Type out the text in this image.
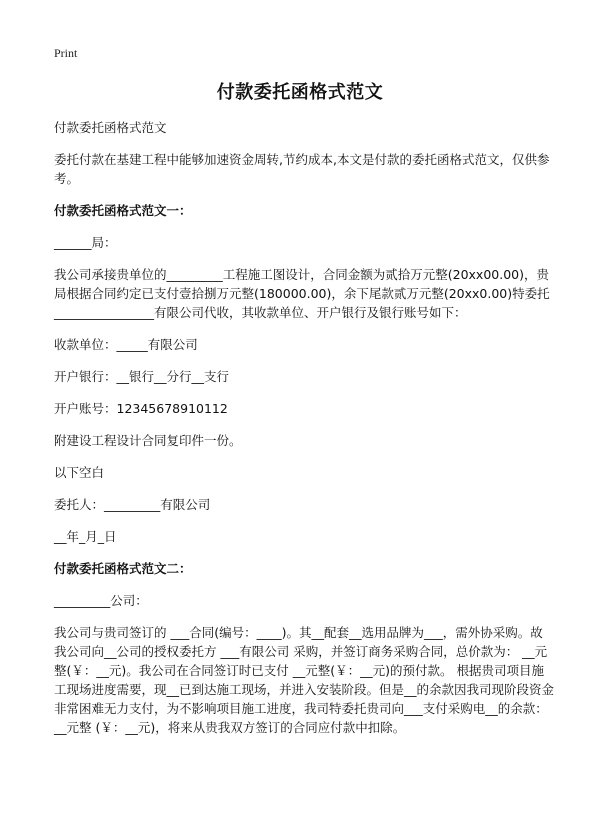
Print
付款委托函格式范文

付款委托函格式范文

委托付款在基建工程中能够加速资金周转,节约成本,本文是付款的委托函格式范文，仅供参考。

付款委托函格式范文一：

______局：

我公司承接贵单位的_________工程施工图设计，合同金额为贰拾万元整(20xx00.00)，贵局根据合同约定已支付壹拾捌万元整(180000.00)，余下尾款贰万元整(20xx0.00)特委托________________有限公司代收，其收款单位、开户银行及银行账号如下：

收款单位：_____有限公司

开户银行：__银行__分行__支行

开户账号：12345678910112

附建设工程设计合同复印件一份。

以下空白

委托人：_________有限公司

__年_月_日

付款委托函格式范文二：

_________公司：

我公司与贵司签订的 ___合同(编号：____)。其__配套__选用品牌为___，需外协采购。故我公司向__公司的授权委托方 ___有限公司 采购，并签订商务采购合同，总价款为： __元整(￥：__元)。我公司在合同签订时已支付 __元整(￥：__元)的预付款。 根据贵司项目施工现场进度需要，现__已到达施工现场，并进入安装阶段。但是__的余款因我司现阶段资金非常困难无力支付，为不影响项目施工进度，我司特委托贵司向___支付采购电__的余款： __元整 (￥：__元)，将来从贵我双方签订的合同应付款中扣除。
